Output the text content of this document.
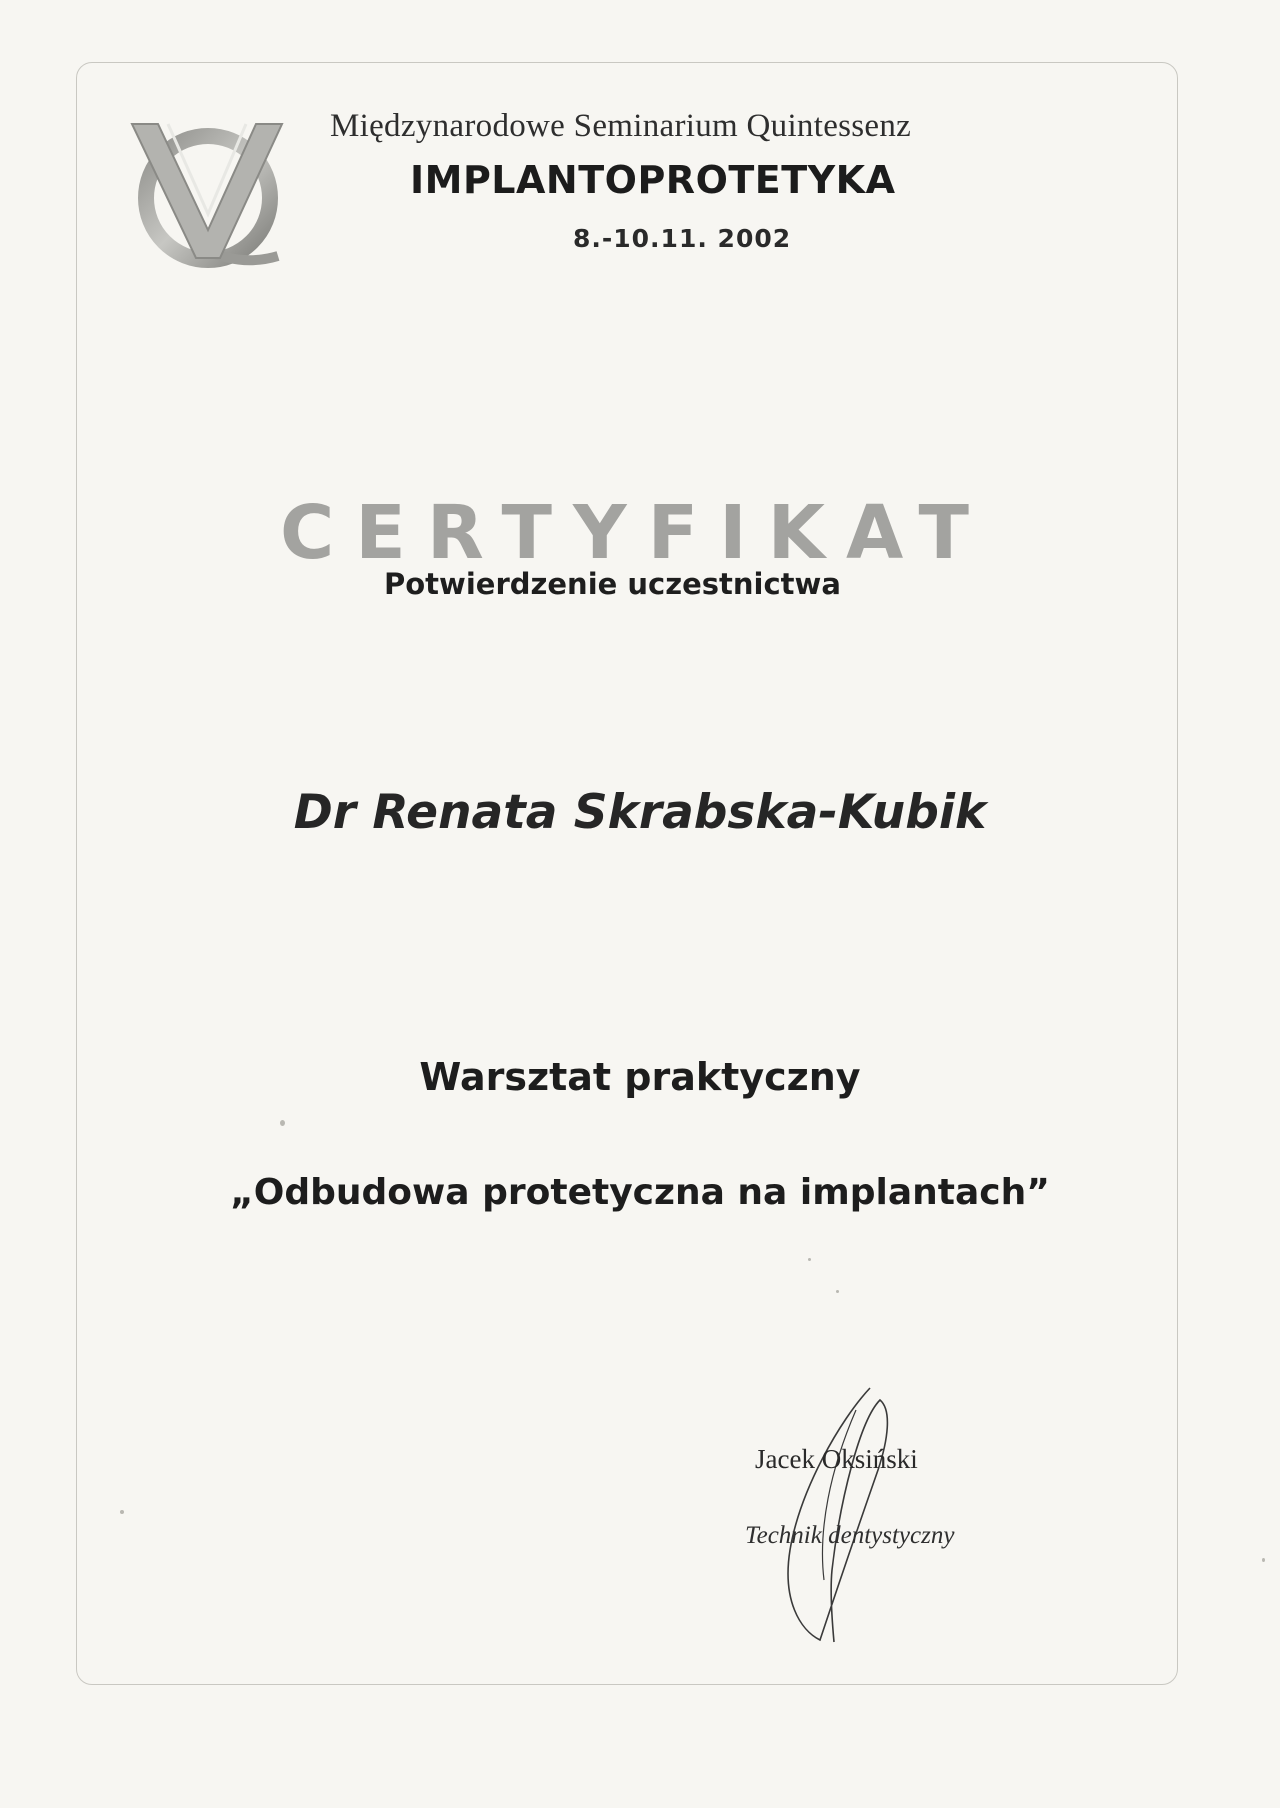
Międzynarodowe Seminarium Quintessenz
IMPLANTOPROTETYKA
8.-10.11. 2002
CERTYFIKAT
Potwierdzenie uczestnictwa
Dr Renata Skrabska-Kubik
Warsztat praktyczny
„Odbudowa protetyczna na implantach”
Jacek Oksiński
Technik dentystyczny
